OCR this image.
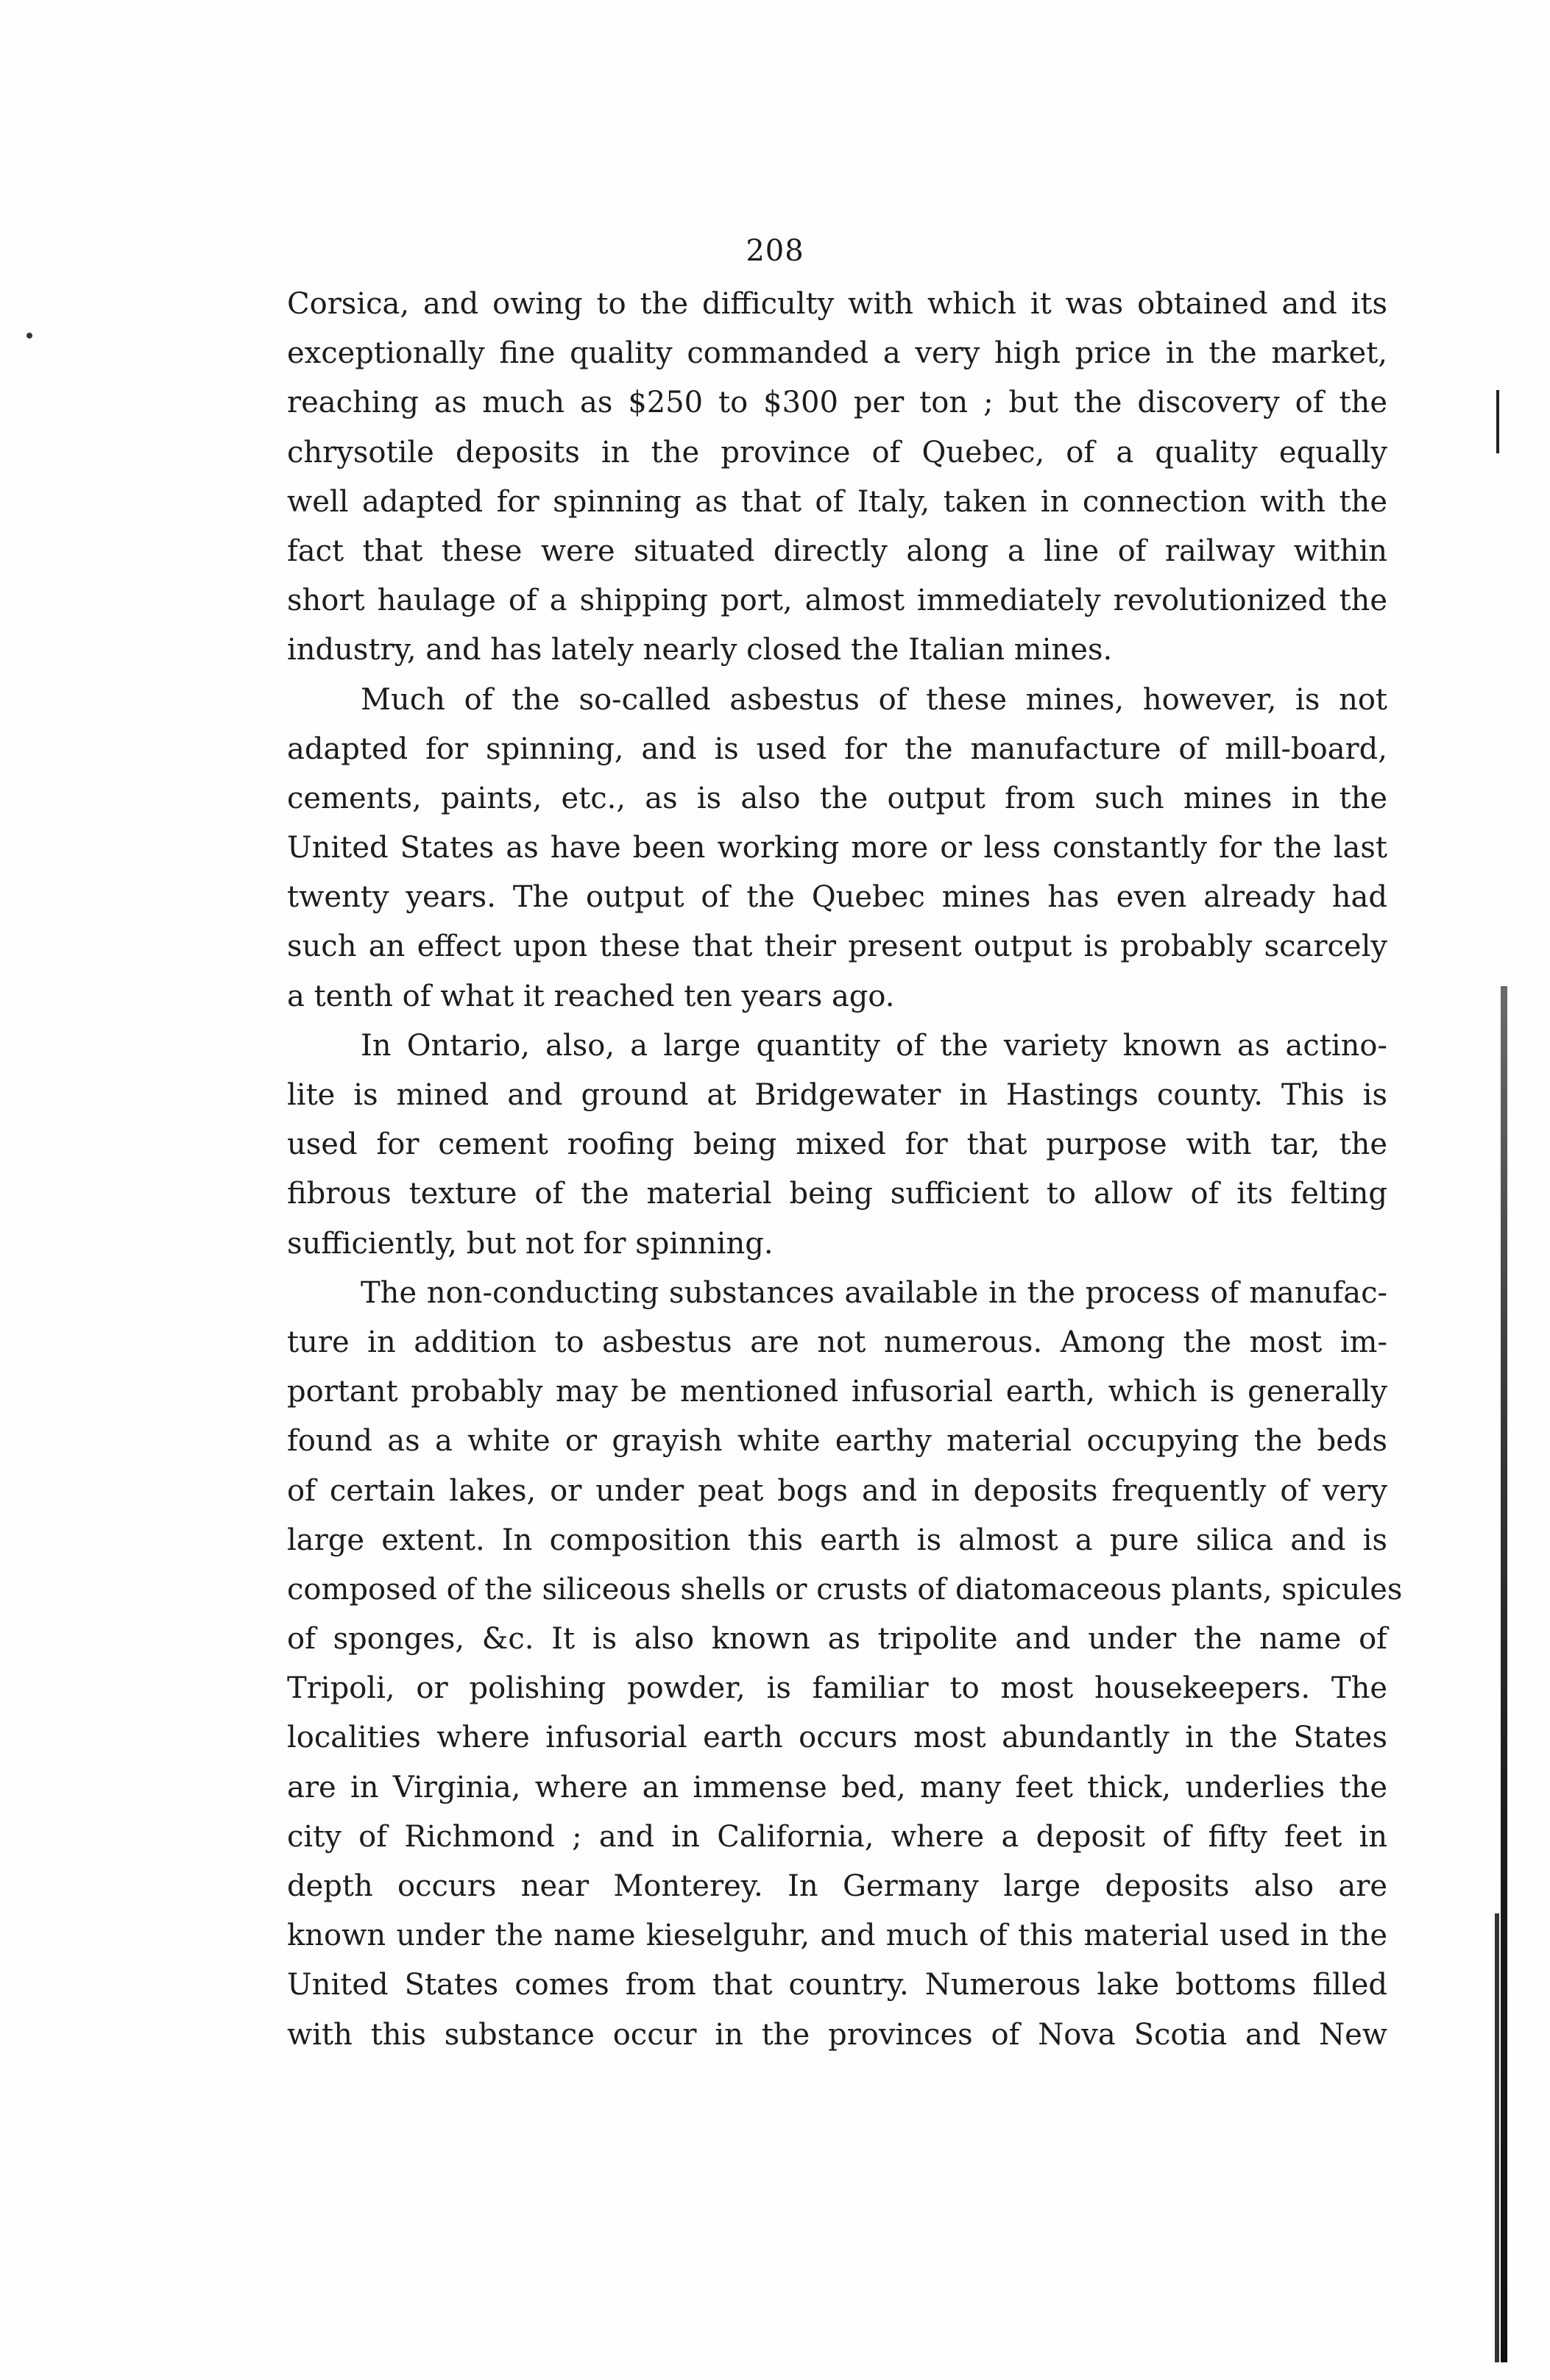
208
Corsica, and owing to the difficulty with which it was obtained and its
exceptionally fine quality commanded a very high price in the market,
reaching as much as $250 to $300 per ton ; but the discovery of the
chrysotile deposits in the province of Quebec, of a quality equally
well adapted for spinning as that of Italy, taken in connection with the
fact that these were situated directly along a line of railway within
short haulage of a shipping port, almost immediately revolutionized the
industry, and has lately nearly closed the Italian mines.
Much of the so-called asbestus of these mines, however, is not
adapted for spinning, and is used for the manufacture of mill-board,
cements, paints, etc., as is also the output from such mines in the
United States as have been working more or less constantly for the last
twenty years. The output of the Quebec mines has even already had
such an effect upon these that their present output is probably scarcely
a tenth of what it reached ten years ago.
In Ontario, also, a large quantity of the variety known as actino-
lite is mined and ground at Bridgewater in Hastings county. This is
used for cement roofing being mixed for that purpose with tar, the
fibrous texture of the material being sufficient to allow of its felting
sufficiently, but not for spinning.
The non-conducting substances available in the process of manufac-
ture in addition to asbestus are not numerous. Among the most im-
portant probably may be mentioned infusorial earth, which is generally
found as a white or grayish white earthy material occupying the beds
of certain lakes, or under peat bogs and in deposits frequently of very
large extent. In composition this earth is almost a pure silica and is
composed of the siliceous shells or crusts of diatomaceous plants, spicules
of sponges, &c. It is also known as tripolite and under the name of
Tripoli, or polishing powder, is familiar to most housekeepers. The
localities where infusorial earth occurs most abundantly in the States
are in Virginia, where an immense bed, many feet thick, underlies the
city of Richmond ; and in California, where a deposit of fifty feet in
depth occurs near Monterey. In Germany large deposits also are
known under the name kieselguhr, and much of this material used in the
United States comes from that country. Numerous lake bottoms filled
with this substance occur in the provinces of Nova Scotia and New
